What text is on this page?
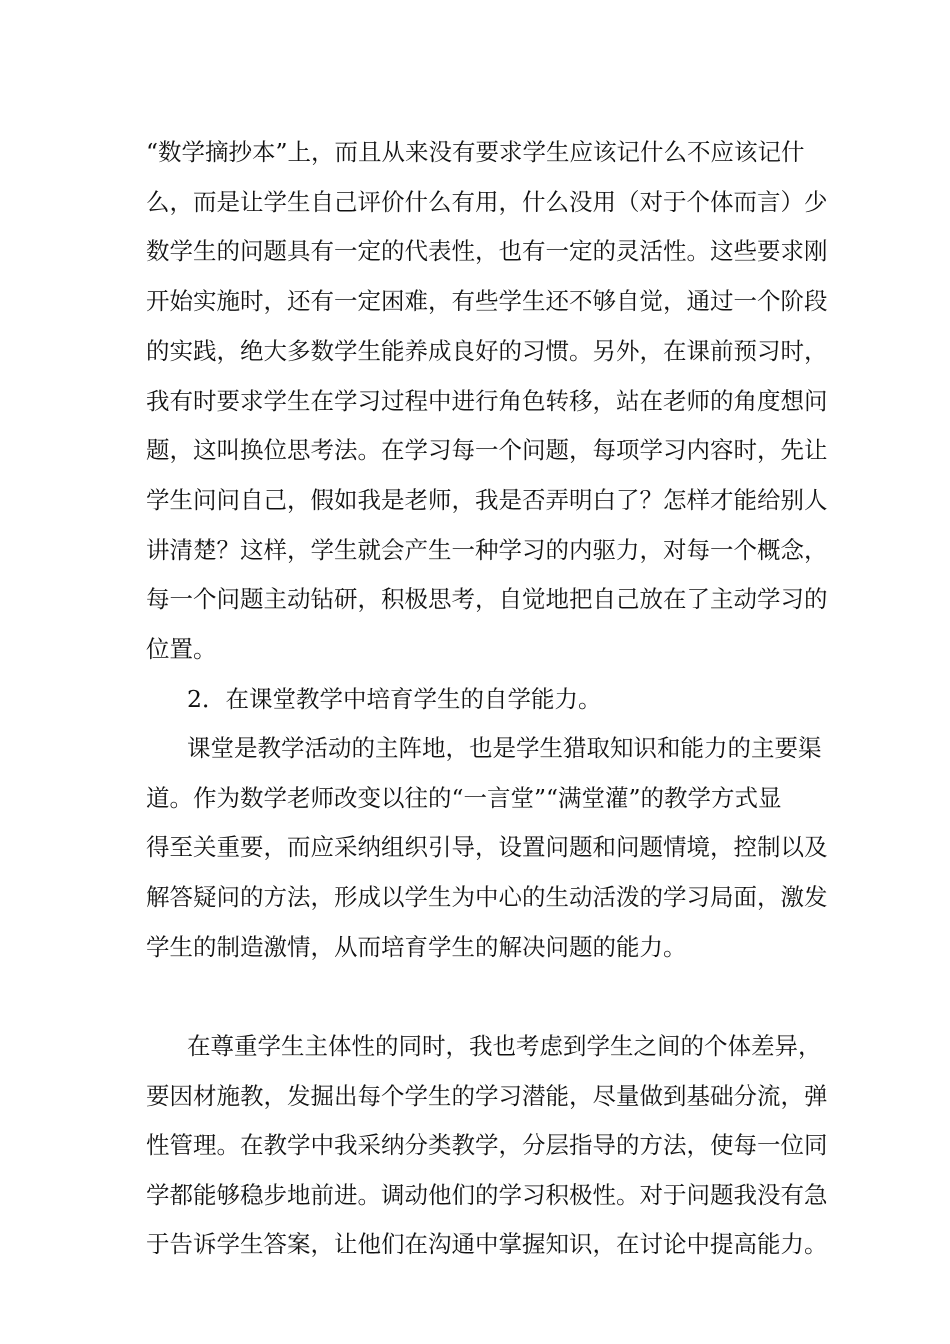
“数学摘抄本”上，而且从来没有要求学生应该记什么不应该记什
么，而是让学生自己评价什么有用，什么没用（对于个体而言）少
数学生的问题具有一定的代表性，也有一定的灵活性。这些要求刚
开始实施时，还有一定困难，有些学生还不够自觉，通过一个阶段
的实践，绝大多数学生能养成良好的习惯。另外，在课前预习时，
我有时要求学生在学习过程中进行角色转移，站在老师的角度想问
题，这叫换位思考法。在学习每一个问题，每项学习内容时，先让
学生问问自己，假如我是老师，我是否弄明白了？怎样才能给别人
讲清楚？这样，学生就会产生一种学习的内驱力，对每一个概念，
每一个问题主动钻研，积极思考，自觉地把自己放在了主动学习的
位置。
2．在课堂教学中培育学生的自学能力。
课堂是教学活动的主阵地，也是学生猎取知识和能力的主要渠
道。作为数学老师改变以往的“一言堂”“满堂灌”的教学方式显
得至关重要，而应采纳组织引导，设置问题和问题情境，控制以及
解答疑问的方法，形成以学生为中心的生动活泼的学习局面，激发
学生的制造激情，从而培育学生的解决问题的能力。
在尊重学生主体性的同时，我也考虑到学生之间的个体差异，
要因材施教，发掘出每个学生的学习潜能，尽量做到基础分流，弹
性管理。在教学中我采纳分类教学，分层指导的方法，使每一位同
学都能够稳步地前进。调动他们的学习积极性。对于问题我没有急
于告诉学生答案，让他们在沟通中掌握知识，在讨论中提高能力。
